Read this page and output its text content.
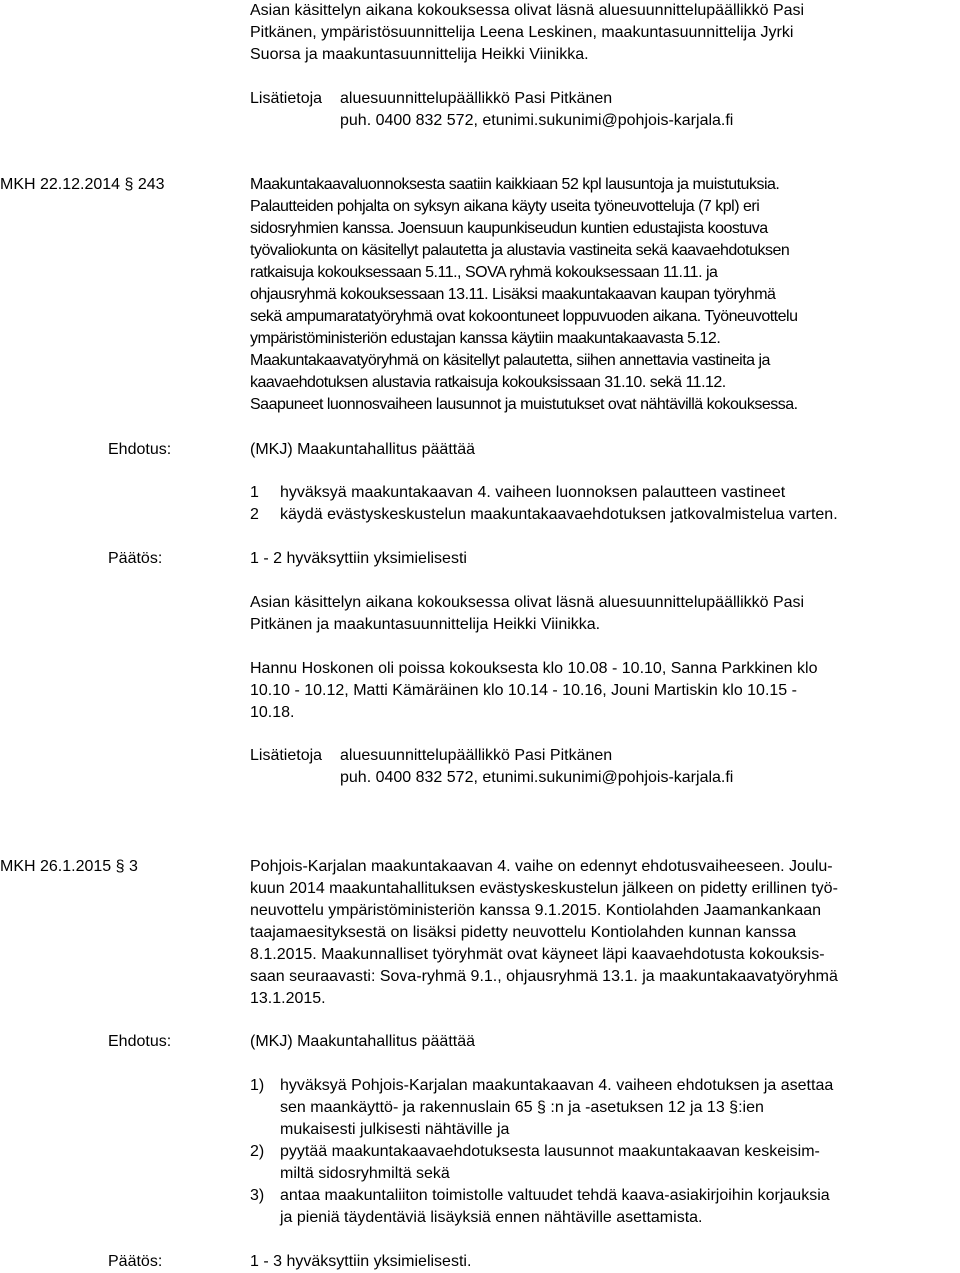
Asian käsittelyn aikana kokouksessa olivat läsnä aluesuunnittelupäällikkö Pasi
Pitkänen, ympäristösuunnittelija Leena Leskinen, maakuntasuunnittelija Jyrki
Suorsa ja maakuntasuunnittelija Heikki Viinikka.
Lisätietoja aluesuunnittelupäällikkö Pasi Pitkänen
puh. 0400 832 572, etunimi.sukunimi@pohjois-karjala.fi
MKH 22.12.2014 § 243	Maakuntakaavaluonnoksesta saatiin kaikkiaan 52 kpl lausuntoja ja muistutuksia.
Palautteiden pohjalta on syksyn aikana käyty useita työneuvotteluja (7 kpl) eri
sidosryhmien kanssa. Joensuun kaupunkiseudun kuntien edustajista koostuva
työvaliokunta on käsitellyt palautetta ja alustavia vastineita sekä kaavaehdotuksen
ratkaisuja kokouksessaan 5.11., SOVA ryhmä kokouksessaan 11.11. ja
ohjausryhmä kokouksessaan 13.11. Lisäksi maakuntakaavan kaupan työryhmä
sekä ampumaratatyöryhmä ovat kokoontuneet loppuvuoden aikana. Työneuvottelu
ympäristöministeriön edustajan kanssa käytiin maakuntakaavasta 5.12.
Maakuntakaavatyöryhmä on käsitellyt palautetta, siihen annettavia vastineita ja
kaavaehdotuksen alustavia ratkaisuja kokouksissaan 31.10. sekä 11.12.
Saapuneet luonnosvaiheen lausunnot ja muistutukset ovat nähtävillä kokouksessa.
Ehdotus:	(MKJ) Maakuntahallitus päättää
1 hyväksyä maakuntakaavan 4. vaiheen luonnoksen palautteen vastineet
2 käydä evästyskeskustelun maakuntakaavaehdotuksen jatkovalmistelua varten.
Päätös:	1 - 2 hyväksyttiin yksimielisesti
Asian käsittelyn aikana kokouksessa olivat läsnä aluesuunnittelupäällikkö Pasi
Pitkänen ja maakuntasuunnittelija Heikki Viinikka.
Hannu Hoskonen oli poissa kokouksesta klo 10.08 - 10.10, Sanna Parkkinen klo
10.10 - 10.12, Matti Kämäräinen klo 10.14 - 10.16, Jouni Martiskin klo 10.15 -
10.18.
Lisätietoja aluesuunnittelupäällikkö Pasi Pitkänen
puh. 0400 832 572, etunimi.sukunimi@pohjois-karjala.fi
MKH 26.1.2015 § 3	Pohjois-Karjalan maakuntakaavan 4. vaihe on edennyt ehdotusvaiheeseen. Joulu-
kuun 2014 maakuntahallituksen evästyskeskustelun jälkeen on pidetty erillinen työ-
neuvottelu ympäristöministeriön kanssa 9.1.2015. Kontiolahden Jaamankankaan
taajamaesityksestä on lisäksi pidetty neuvottelu Kontiolahden kunnan kanssa
8.1.2015. Maakunnalliset työryhmät ovat käyneet läpi kaavaehdotusta kokouksis-
saan seuraavasti: Sova-ryhmä 9.1., ohjausryhmä 13.1. ja maakuntakaavatyöryhmä
13.1.2015.
Ehdotus:	(MKJ) Maakuntahallitus päättää
1) hyväksyä Pohjois-Karjalan maakuntakaavan 4. vaiheen ehdotuksen ja asettaa
sen maankäyttö- ja rakennuslain 65 § :n ja -asetuksen 12 ja 13 §:ien
mukaisesti julkisesti nähtäville ja
2) pyytää maakuntakaavaehdotuksesta lausunnot maakuntakaavan keskeisim-
miltä sidosryhmiltä sekä
3) antaa maakuntaliiton toimistolle valtuudet tehdä kaava-asiakirjoihin korjauksia
ja pieniä täydentäviä lisäyksiä ennen nähtäville asettamista.
Päätös:	1 - 3 hyväksyttiin yksimielisesti.
